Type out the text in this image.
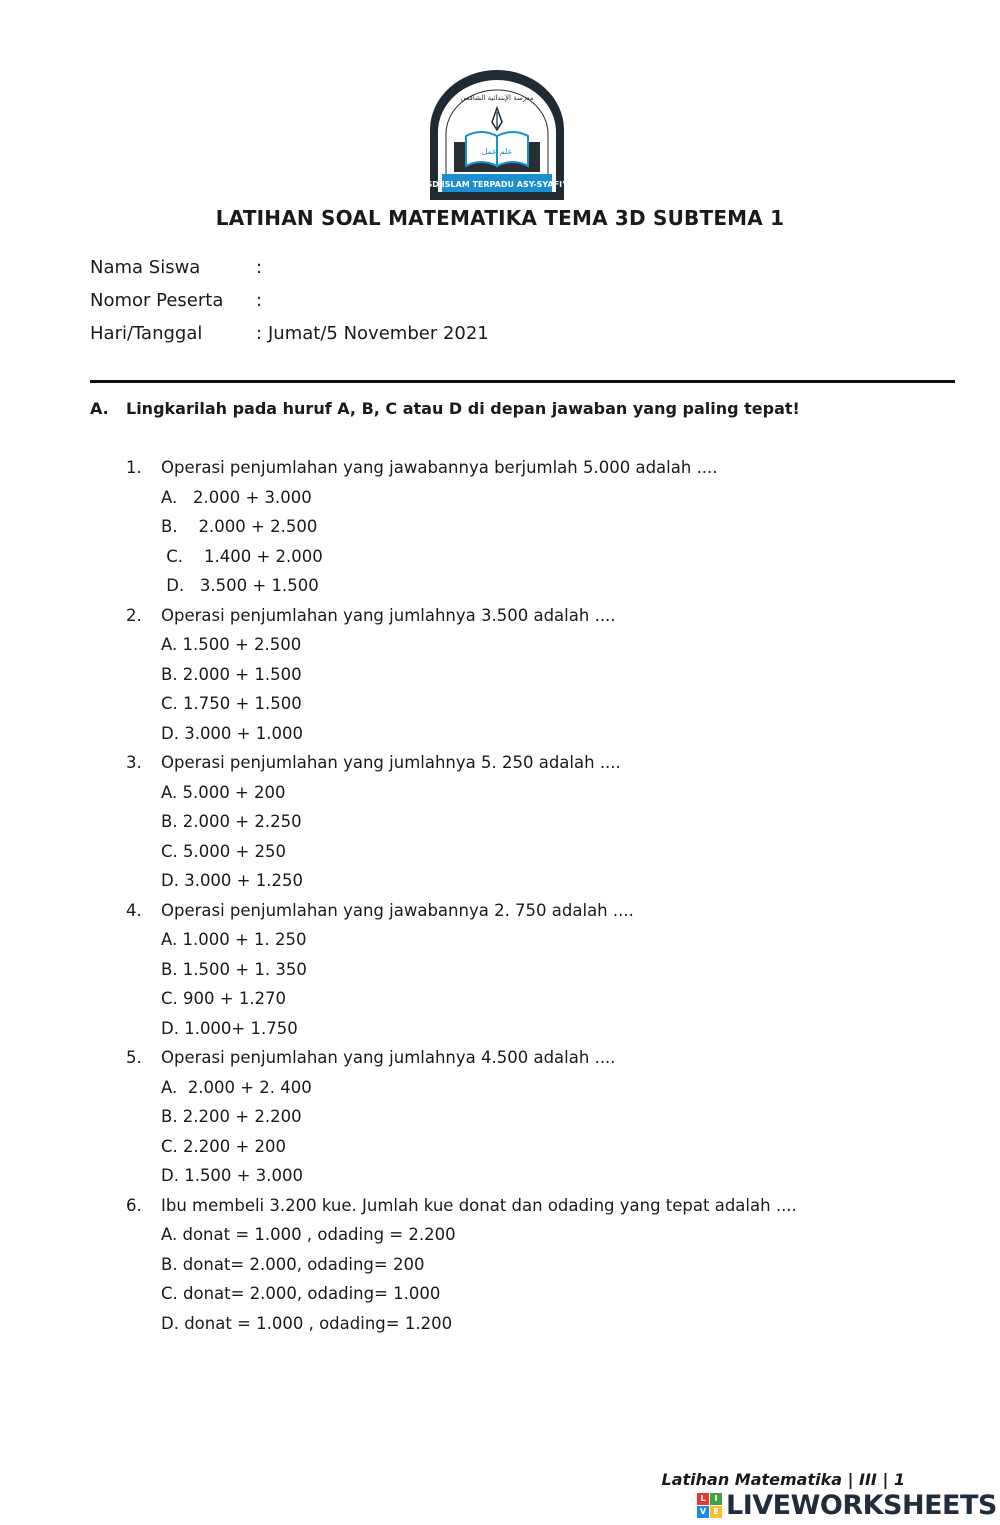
مدرسة الإبتدائية الشافعي
علم عمل
SD ISLAM TERPADU ASY-SYAFI'I
LATIHAN SOAL MATEMATIKA TEMA 3D SUBTEMA 1
Nama Siswa	:
Nomor Peserta :
Hari/Tanggal	: Jumat/5 November 2021
A. Lingkarilah pada huruf A, B, C atau D di depan jawaban yang paling tepat!
1. Operasi penjumlahan yang jawabannya berjumlah 5.000 adalah ....
A.   2.000 + 3.000
B.    2.000 + 2.500
C.    1.400 + 2.000
D.   3.500 + 1.500
2. Operasi penjumlahan yang jumlahnya 3.500 adalah ....
A. 1.500 + 2.500
B. 2.000 + 1.500
C. 1.750 + 1.500
D. 3.000 + 1.000
3. Operasi penjumlahan yang jumlahnya 5. 250 adalah ....
A. 5.000 + 200
B. 2.000 + 2.250
C. 5.000 + 250
D. 3.000 + 1.250
4. Operasi penjumlahan yang jawabannya 2. 750 adalah ....
A. 1.000 + 1. 250
B. 1.500 + 1. 350
C. 900 + 1.270
D. 1.000+ 1.750
5. Operasi penjumlahan yang jumlahnya 4.500 adalah ....
A.  2.000 + 2. 400
B. 2.200 + 2.200
C. 2.200 + 200
D. 1.500 + 3.000
6. Ibu membeli 3.200 kue. Jumlah kue donat dan odading yang tepat adalah ....
A. donat = 1.000 , odading = 2.200
B. donat= 2.000, odading= 200
C. donat= 2.000, odading= 1.000
D. donat = 1.000 , odading= 1.200
Latihan Matematika | III | 1
L	I
V E LIVEWORKSHEETS
